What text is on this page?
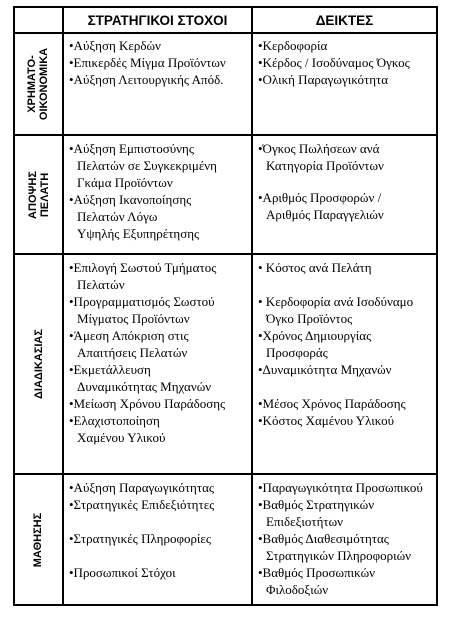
ΣΤΡΑΤΗΓΙΚΟΙ ΣΤΟΧΟΙ	ΔΕΙΚΤΕΣ
ΧΡΗΜΑΤΟ-
ΟΙΚΟΝΟΜΙΚΑ
ΑΠΟΨΗΣ
ΠΕΛΑΤΗ
ΔΙΑΔΙΚΑΣΙΑΣ
ΜΑΘΗΣΗΣ
•Αύξηση Κερδών
•Επικερδές Μίγμα Προϊόντων
•Αύξηση Λειτουργικής Απόδ.
•Κερδοφορία
•Κέρδος / Ισοδύναμος Όγκος
•Ολική Παραγωγικότητα
•Αύξηση Εμπιστοσύνης
Πελατών σε Συγκεκριμένη
Γκάμα Προϊόντων
•Αύξηση Ικανοποίησης
Πελατών Λόγω
Υψηλής Εξυπηρέτησης
•Όγκος Πωλήσεων ανά
Κατηγορία Προϊόντων
•Αριθμός Προσφορών /
Αριθμός Παραγγελιών
•Επιλογή Σωστού Τμήματος
Πελατών
•Προγραμματισμός Σωστού
Μίγματος Προϊόντων
•Άμεση Απόκριση στις
Απαιτήσεις Πελατών
•Εκμετάλλευση
Δυναμικότητας Μηχανών
•Μείωση Χρόνου Παράδοσης
•Ελαχιστοποίηση
Χαμένου Υλικού
• Κόστος ανά Πελάτη
• Κερδοφορία ανά Ισοδύναμο
Όγκο Προϊόντος
•Χρόνος Δημιουργίας
Προσφοράς
•Δυναμικότητα Μηχανών
•Μέσος Χρόνος Παράδοσης
•Κόστος Χαμένου Υλικού
•Αύξηση Παραγωγικότητας
•Στρατηγικές Επιδεξιότητες
•Στρατηγικές Πληροφορίες
•Προσωπικοί Στόχοι
•Παραγωγικότητα Προσωπικού
•Βαθμός Στρατηγικών
Επιδεξιοτήτων
•Βαθμός Διαθεσιμότητας
Στρατηγικών Πληροφοριών
•Βαθμός Προσωπικών
Φιλοδοξιών
